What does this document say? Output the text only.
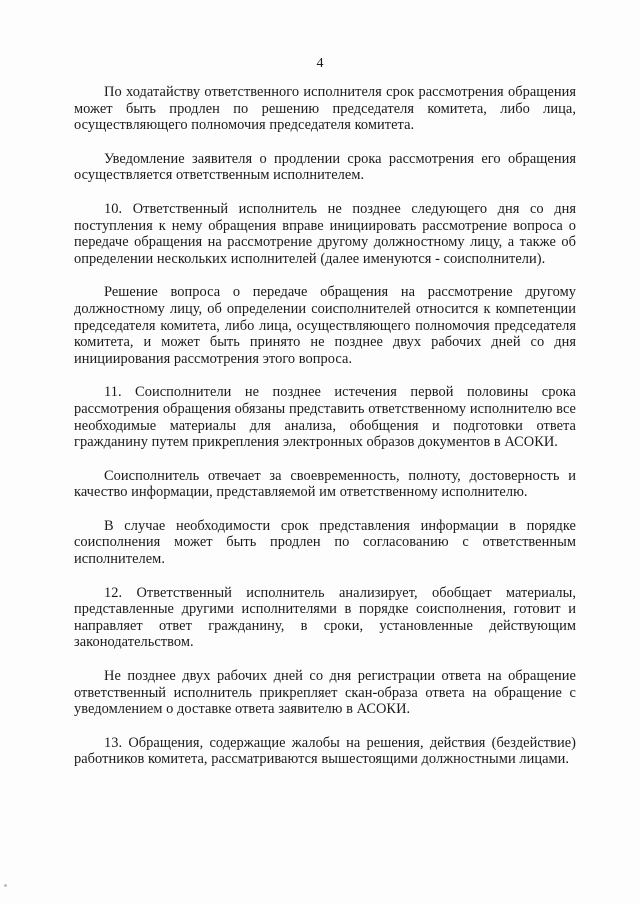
4

По ходатайству ответственного исполнителя срок рассмотрения обращения может быть продлен по решению председателя комитета, либо лица, осуществляющего полномочия председателя комитета.

Уведомление заявителя о продлении срока рассмотрения его обращения осуществляется ответственным исполнителем.

10. Ответственный исполнитель не позднее следующего дня со дня поступления к нему обращения вправе инициировать рассмотрение вопроса о передаче обращения на рассмотрение другому должностному лицу, а также об определении нескольких исполнителей (далее именуются - соисполнители).

Решение вопроса о передаче обращения на рассмотрение другому должностному лицу, об определении соисполнителей относится к компетенции председателя комитета, либо лица, осуществляющего полномочия председателя комитета, и может быть принято не позднее двух рабочих дней со дня инициирования рассмотрения этого вопроса.

11. Соисполнители не позднее истечения первой половины срока рассмотрения обращения обязаны представить ответственному исполнителю все необходимые материалы для анализа, обобщения и подготовки ответа гражданину путем прикрепления электронных образов документов в АСОКИ.

Соисполнитель отвечает за своевременность, полноту, достоверность и качество информации, представляемой им ответственному исполнителю.

В случае необходимости срок представления информации в порядке соисполнения может быть продлен по согласованию с ответственным исполнителем.

12. Ответственный исполнитель анализирует, обобщает материалы, представленные другими исполнителями в порядке соисполнения, готовит и направляет ответ гражданину, в сроки, установленные действующим законодательством.

Не позднее двух рабочих дней со дня регистрации ответа на обращение ответственный исполнитель прикрепляет скан-образа ответа на обращение с уведомлением о доставке ответа заявителю в АСОКИ.

13. Обращения, содержащие жалобы на решения, действия (бездействие) работников комитета, рассматриваются вышестоящими должностными лицами.
